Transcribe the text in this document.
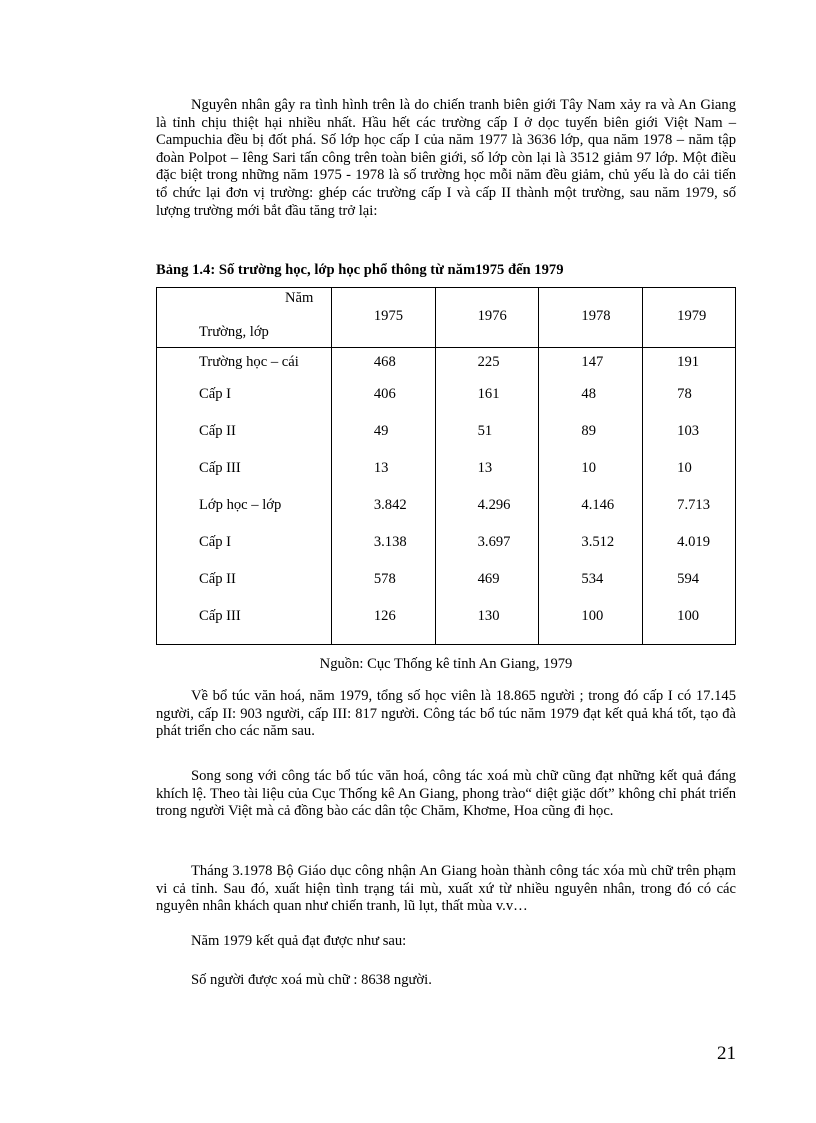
Nguyên nhân gây ra tình hình trên là do chiến tranh biên giới Tây Nam xảy ra và An Giang là tỉnh chịu thiệt hại nhiều nhất. Hầu hết các trường cấp I ở dọc tuyến biên giới Việt Nam – Campuchia đều bị đốt phá. Số lớp học cấp I của năm 1977 là 3636 lớp, qua năm 1978 – năm tập đoàn Polpot – Iêng Sari tấn công trên toàn biên giới, số lớp còn lại là 3512 giảm 97 lớp. Một điều đặc biệt trong những năm 1975 - 1978 là số trường học mỗi năm đều giảm, chủ yếu là do cải tiến tổ chức lại đơn vị trường: ghép các trường cấp I và cấp II thành một trường, sau năm 1979, số lượng trường mới bắt đầu tăng trở lại:

Bảng 1.4: Số trường học, lớp học phổ thông từ năm1975 đến 1979

Năm
Trường, lớp	1975	1976	1978	1979

Trường học – cái	468	225	147	191
Cấp I	406	161	48	78
Cấp II	49	51	89	103
Cấp III	13	13	10	10
Lớp học – lớp	3.842	4.296	4.146	7.713
Cấp I	3.138	3.697	3.512	4.019
Cấp II	578	469	534	594
Cấp III	126	130	100	100

Nguồn: Cục Thống kê tỉnh An Giang, 1979

Về bổ túc văn hoá, năm 1979, tổng số học viên là 18.865 người ; trong đó cấp I có 17.145 người, cấp II: 903 người, cấp III: 817 người. Công tác bổ túc năm 1979 đạt kết quả khá tốt, tạo đà phát triển cho các năm sau.

Song song với công tác bổ túc văn hoá, công tác xoá mù chữ cũng đạt những kết quả đáng khích lệ. Theo tài liệu của Cục Thống kê An Giang, phong trào“ diệt giặc dốt” không chỉ phát triển trong người Việt mà cả đồng bào các dân tộc Chăm, Khơme, Hoa cũng đi học.

Tháng 3.1978 Bộ Giáo dục công nhận An Giang hoàn thành công tác xóa mù chữ trên phạm vi cả tỉnh. Sau đó, xuất hiện tình trạng tái mù, xuất xứ từ nhiều nguyên nhân, trong đó có các nguyên nhân khách quan như chiến tranh, lũ lụt, thất mùa v.v…

Năm 1979 kết quả đạt được như sau:

Số người được xoá mù chữ : 8638 người.

21
